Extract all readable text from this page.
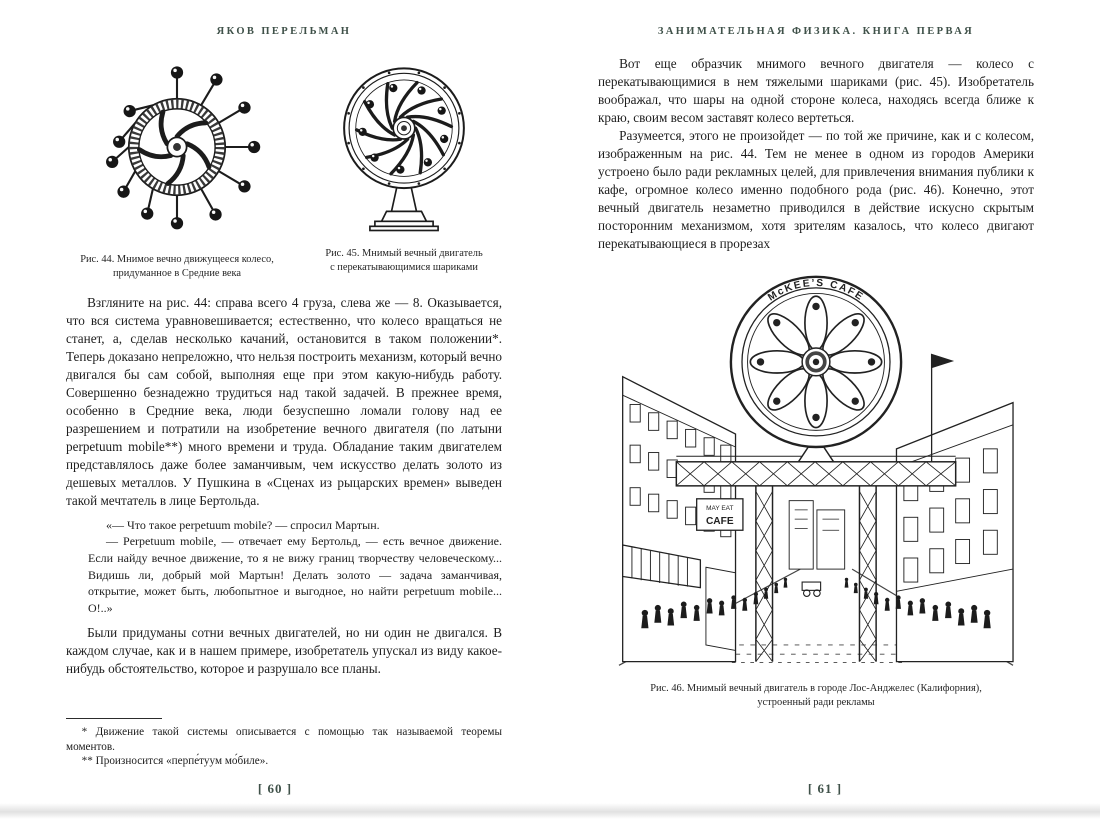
ЯКОВ ПЕРЕЛЬМАН
Рис. 44. Мнимое вечно движущееся колесо,
придуманное в Средние века
Рис. 45. Мнимый вечный двигатель
с перекатывающимися шариками

Взгляните на рис. 44: справа всего 4 груза, слева же — 8. Оказывается, что вся система уравновешивается; естественно, что колесо вращаться не станет, а, сделав несколько качаний, остановится в таком положении*. Теперь доказано непреложно, что нельзя построить механизм, который вечно двигался бы сам собой, выполняя еще при этом какую-нибудь работу. Совершенно безнадежно трудиться над такой задачей. В прежнее время, особенно в Средние века, люди безуспешно ломали голову над ее разрешением и потратили на изобретение вечного двигателя (по латыни perpetuum mobile**) много времени и труда. Обладание таким двигателем представлялось даже более заманчивым, чем искусство делать золото из дешевых металлов. У Пушкина в «Сценах из рыцарских времен» выведен такой мечтатель в лице Бертольда.

«— Что такое perpetuum mobile? — спросил Мартын.

— Perpetuum mobile, — отвечает ему Бертольд, — есть вечное движение. Если найду вечное движение, то я не вижу границ творчеству человеческому... Видишь ли, добрый мой Мартын! Делать золото — задача заманчивая, открытие, может быть, любопытное и выгодное, но найти perpetuum mobile... О!..»

Были придуманы сотни вечных двигателей, но ни один не двигался. В каждом случае, как и в нашем примере, изобретатель упускал из виду какое-нибудь обстоятельство, которое и разрушало все планы.

* Движение такой системы описывается с помощью так называемой теоремы моментов.

** Произносится «перпе́туум мо́биле».

[ 60 ]
ЗАНИМАТЕЛЬНАЯ ФИЗИКА. КНИГА ПЕРВАЯ

Вот еще образчик мнимого вечного двигателя — колесо с перекатывающимися в нем тяжелыми шариками (рис. 45). Изобретатель воображал, что шары на одной стороне колеса, находясь всегда ближе к краю, своим весом заставят колесо вертеться.

Разумеется, этого не произойдет — по той же причине, как и с колесом, изображенным на рис. 44. Тем не менее в одном из городов Америки устроено было ради рекламных целей, для привлечения внимания публики к кафе, огромное колесо именно подобного рода (рис. 46). Конечно, этот вечный двигатель незаметно приводился в действие искусно скрытым посторонним механизмом, хотя зрителям казалось, что колесо двигают перекатывающиеся в прорезах

McKEE’S CAFE
MAY EAT
CAFE
Рис. 46. Мнимый вечный двигатель в городе Лос-Анджелес (Калифорния),
устроенный ради рекламы
[ 61 ]
